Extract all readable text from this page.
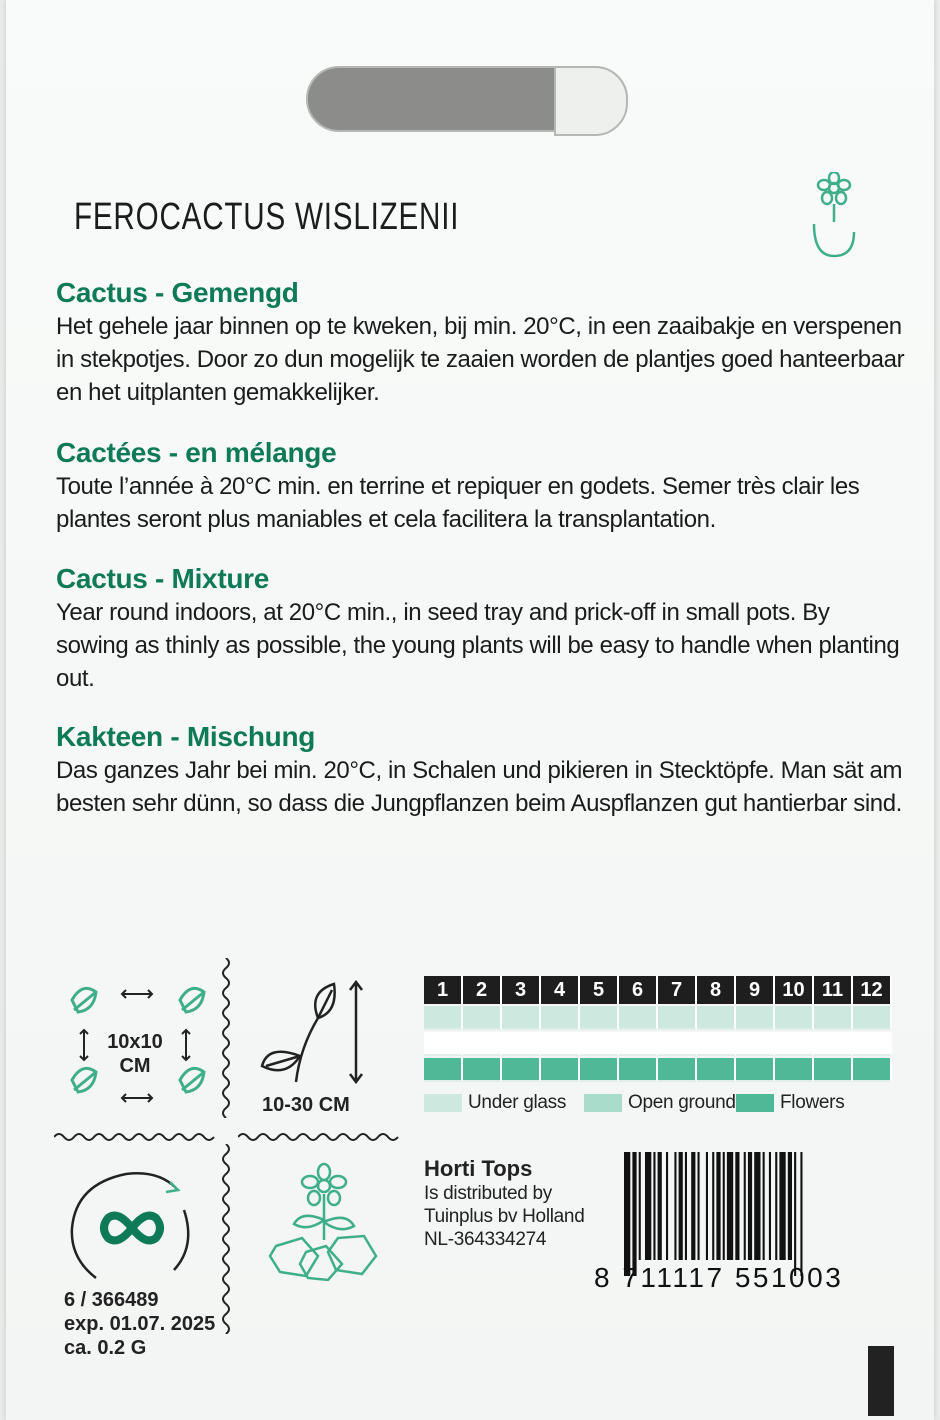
FEROCACTUS WISLIZENII
Cactus - Gemengd

Het gehele jaar binnen op te kweken, bij min. 20°C, in een zaaibakje en verspenen in stekpotjes. Door zo dun mogelijk te zaaien worden de plantjes goed hanteerbaar en het uitplanten gemakkelijker.

Cactées - en mélange

Toute l’année à 20°C min. en terrine et repiquer en godets. Semer très clair les plantes seront plus maniables et cela facilitera la transplantation.

Cactus - Mixture

Year round indoors, at 20°C min., in seed tray and prick-off in small pots. By sowing as thinly as possible, the young plants will be easy to handle when planting out.

Kakteen - Mischung

Das ganzes Jahr bei min. 20°C, in Schalen und pikieren in Stecktöpfe. Man sät am besten sehr dünn, so dass die Jungpflanzen beim Auspflanzen gut hantierbar sind.

10x10
CM
10-30 CM
1	2	3	4	5	6	7	8	9	10 11 12
Under glass	Open ground Flowers
Horti Tops
Is distributed by
Tuinplus bv Holland
NL-364334274
8 711117 551003
6 / 366489
exp. 01.07. 2025
ca. 0.2 G
